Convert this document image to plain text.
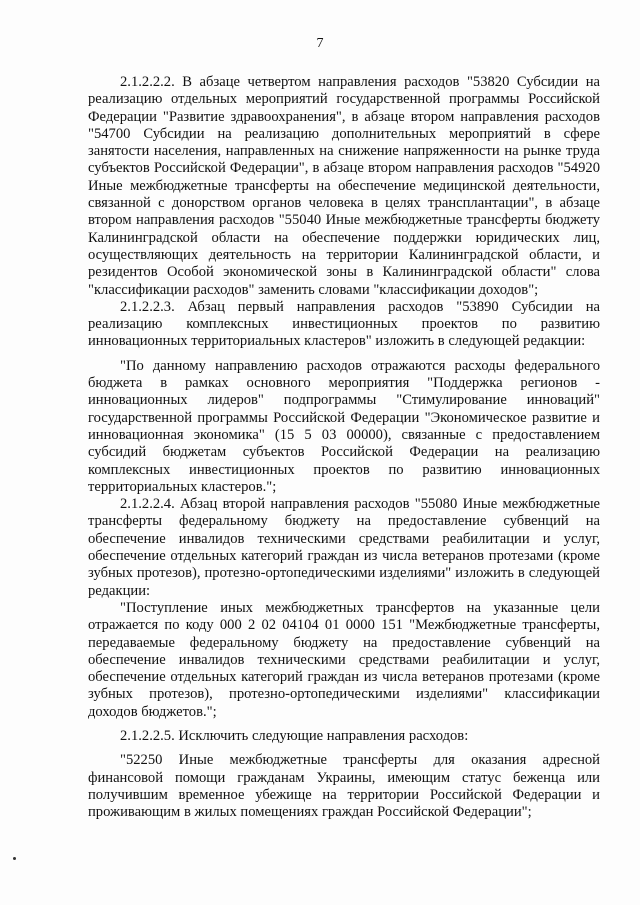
7

2.1.2.2.2. В абзаце четвертом направления расходов "53820 Субсидии на реализацию отдельных мероприятий государственной программы Российской Федерации "Развитие здравоохранения", в абзаце втором направления расходов "54700 Субсидии на реализацию дополнительных мероприятий в сфере занятости населения, направленных на снижение напряженности на рынке труда субъектов Российской Федерации", в абзаце втором направления расходов "54920 Иные межбюджетные трансферты на обеспечение медицинской деятельности, связанной с донорством органов человека в целях трансплантации", в абзаце втором направления расходов "55040 Иные межбюджетные трансферты бюджету Калининградской области на обеспечение поддержки юридических лиц, осуществляющих деятельность на территории Калининградской области, и резидентов Особой экономической зоны в Калининградской области" слова "классификации расходов" заменить словами "классификации доходов";

2.1.2.2.3. Абзац первый направления расходов "53890 Субсидии на реализацию комплексных инвестиционных проектов по развитию инновационных территориальных кластеров" изложить в следующей редакции:

"По данному направлению расходов отражаются расходы федерального бюджета в рамках основного мероприятия "Поддержка регионов - инновационных лидеров" подпрограммы "Стимулирование инноваций" государственной программы Российской Федерации "Экономическое развитие и инновационная экономика" (15 5 03 00000), связанные с предоставлением субсидий бюджетам субъектов Российской Федерации на реализацию комплексных инвестиционных проектов по развитию инновационных территориальных кластеров.";

2.1.2.2.4. Абзац второй направления расходов "55080 Иные межбюджетные трансферты федеральному бюджету на предоставление субвенций на обеспечение инвалидов техническими средствами реабилитации и услуг, обеспечение отдельных категорий граждан из числа ветеранов протезами (кроме зубных протезов), протезно-ортопедическими изделиями" изложить в следующей редакции:

"Поступление иных межбюджетных трансфертов на указанные цели отражается по коду 000 2 02 04104 01 0000 151 "Межбюджетные трансферты, передаваемые федеральному бюджету на предоставление субвенций на обеспечение инвалидов техническими средствами реабилитации и услуг, обеспечение отдельных категорий граждан из числа ветеранов протезами (кроме зубных протезов), протезно-ортопедическими изделиями" классификации доходов бюджетов.";

2.1.2.2.5. Исключить следующие направления расходов:

"52250 Иные межбюджетные трансферты для оказания адресной финансовой помощи гражданам Украины, имеющим статус беженца или получившим временное убежище на территории Российской Федерации и проживающим в жилых помещениях граждан Российской Федерации";
